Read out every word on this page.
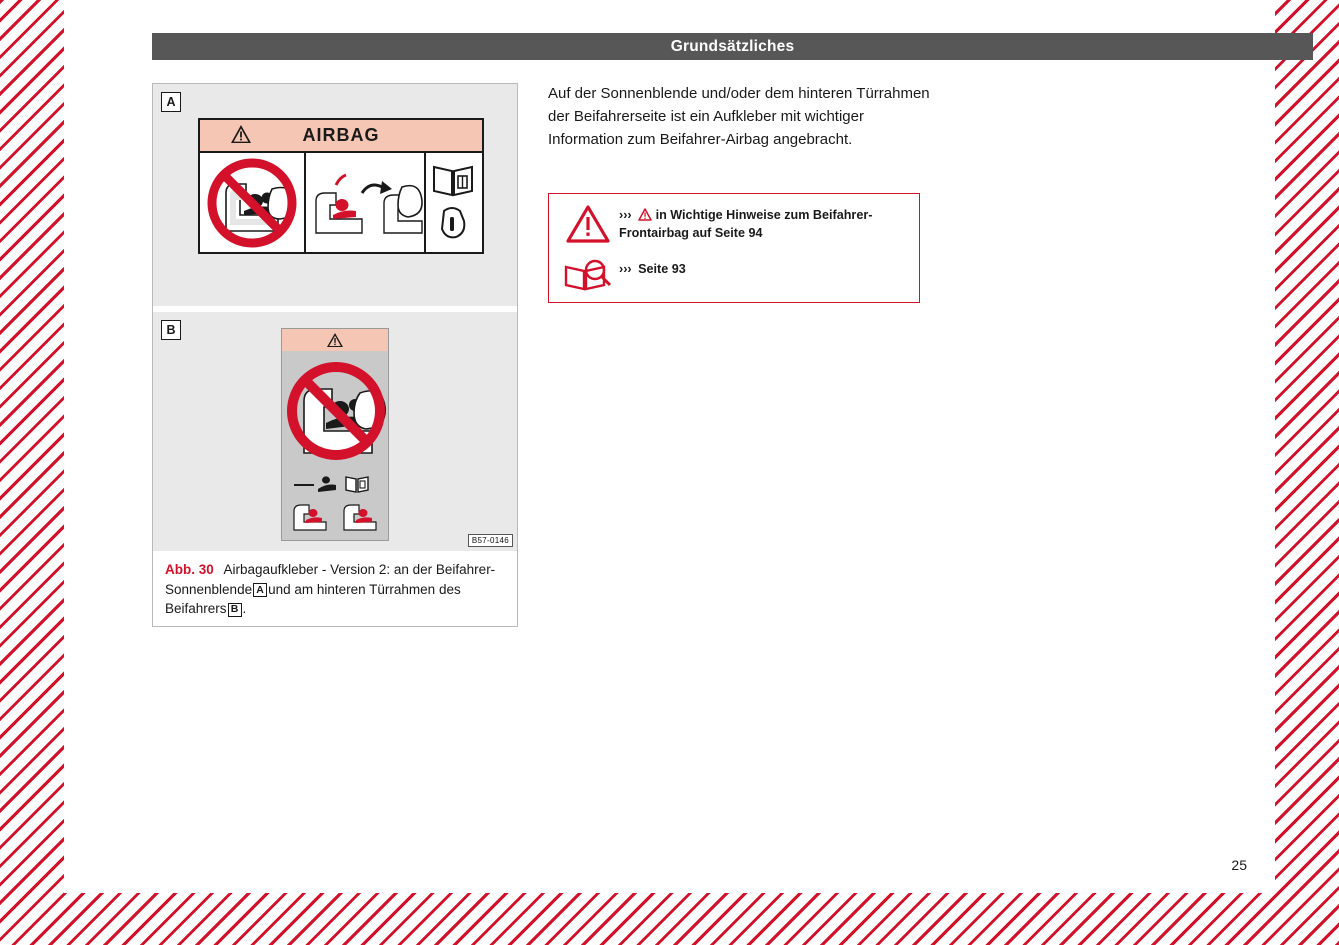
Grundsätzliches
A
AIRBAG
B
B57-0146
Abb. 30 Airbagaufkleber - Version 2: an der Beifahrer-Sonnenblende A und am hinteren Türrahmen des Beifahrers B .

Auf der Sonnenblende und/oder dem hinteren Türrahmen der Beifahrerseite ist ein Aufkleber mit wichtiger Information zum Beifahrer-Airbag angebracht.

››› in Wichtige Hinweise zum Beifahrer-Frontairbag auf Seite 94
››› Seite 93
25
